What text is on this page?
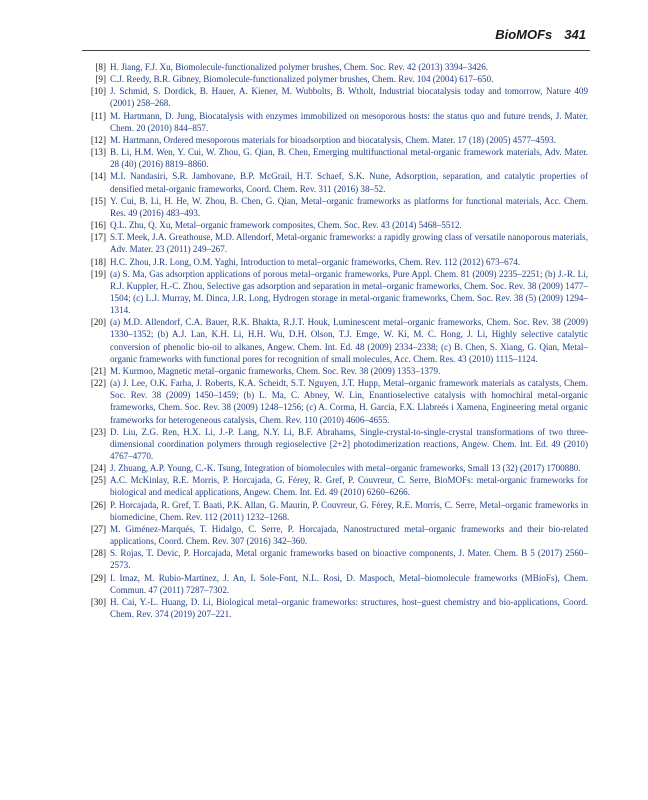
BioMOFs 341
[8] H. Jiang, F.J. Xu, Biomolecule-functionalized polymer brushes, Chem. Soc. Rev. 42 (2013) 3394–3426.
[9] C.J. Reedy, B.R. Gibney, Biomolecule-functionalized polymer brushes, Chem. Rev. 104 (2004) 617–650.
[10] J. Schmid, S. Dordick, B. Hauer, A. Kiener, M. Wubbolts, B. Wtholt, Industrial biocatalysis today and tomorrow, Nature 409 (2001) 258–268.
[11] M. Hartmann, D. Jung, Biocatalysis with enzymes immobilized on mesoporous hosts: the status quo and future trends, J. Mater. Chem. 20 (2010) 844–857.
[12] M. Hartmann, Ordered mesoporous materials for bioadsorption and biocatalysis, Chem. Mater. 17 (18) (2005) 4577–4593.
[13] B. Li, H.M. Wen, Y. Cui, W. Zhou, G. Qian, B. Chen, Emerging multifunctional metal-organic framework materials, Adv. Mater. 28 (40) (2016) 8819–8860.
[14] M.I. Nandasiri, S.R. Jambovane, B.P. McGrail, H.T. Schaef, S.K. Nune, Adsorption, separation, and catalytic properties of densified metal-organic frameworks, Coord. Chem. Rev. 311 (2016) 38–52.
[15] Y. Cui, B. Li, H. He, W. Zhou, B. Chen, G. Qian, Metal–organic frameworks as platforms for functional materials, Acc. Chem. Res. 49 (2016) 483–493.
[16] Q.L. Zhu, Q. Xu, Metal–organic framework composites, Chem. Soc. Rev. 43 (2014) 5468–5512.
[17] S.T. Meek, J.A. Greathouse, M.D. Allendorf, Metal-organic frameworks: a rapidly growing class of versatile nanoporous materials, Adv. Mater. 23 (2011) 249–267.
[18] H.C. Zhou, J.R. Long, O.M. Yaghi, Introduction to metal–organic frameworks, Chem. Rev. 112 (2012) 673–674.
[19] (a) S. Ma, Gas adsorption applications of porous metal–organic frameworks, Pure Appl. Chem. 81 (2009) 2235–2251; (b) J.-R. Li, R.J. Kuppler, H.-C. Zhou, Selective gas adsorption and separation in metal–organic frameworks, Chem. Soc. Rev. 38 (2009) 1477–1504; (c) L.J. Murray, M. Dinca, J.R. Long, Hydrogen storage in metal-organic frameworks, Chem. Soc. Rev. 38 (5) (2009) 1294–1314.
[20] (a) M.D. Allendorf, C.A. Bauer, R.K. Bhakta, R.J.T. Houk, Luminescent metal–organic frameworks, Chem. Soc. Rev. 38 (2009) 1330–1352; (b) A.J. Lan, K.H. Li, H.H. Wu, D.H. Olson, T.J. Emge, W. Ki, M. C. Hong, J. Li, Highly selective catalytic conversion of phenolic bio-oil to alkanes, Angew. Chem. Int. Ed. 48 (2009) 2334–2338; (c) B. Chen, S. Xiang, G. Qian, Metal–organic frameworks with functional pores for recognition of small molecules, Acc. Chem. Res. 43 (2010) 1115–1124.
[21] M. Kurmoo, Magnetic metal–organic frameworks, Chem. Soc. Rev. 38 (2009) 1353–1379.
[22] (a) J. Lee, O.K. Farha, J. Roberts, K.A. Scheidt, S.T. Nguyen, J.T. Hupp, Metal–organic framework materials as catalysts, Chem. Soc. Rev. 38 (2009) 1450–1459; (b) L. Ma, C. Abney, W. Lin, Enantioselective catalysis with homochiral metal-organic frameworks, Chem. Soc. Rev. 38 (2009) 1248–1256; (c) A. Corma, H. García, F.X. Llabreés i Xamena, Engineering metal organic frameworks for heterogeneous catalysis, Chem. Rev. 110 (2010) 4606–4655.
[23] D. Liu, Z.G. Ren, H.X. Li, J.-P. Lang, N.Y. Li, B.F. Abrahams, Single-crystal-to-single-crystal transformations of two three-dimensional coordination polymers through regioselective [2+2] photodimerization reactions, Angew. Chem. Int. Ed. 49 (2010) 4767–4770.
[24] J. Zhuang, A.P. Young, C.-K. Tsung, Integration of biomolecules with metal–organic frameworks, Small 13 (32) (2017) 1700880.
[25] A.C. McKinlay, R.E. Morris, P. Horcajada, G. Férey, R. Gref, P. Couvreur, C. Serre, BioMOFs: metal-organic frameworks for biological and medical applications, Angew. Chem. Int. Ed. 49 (2010) 6260–6266.
[26] P. Horcajada, R. Gref, T. Baati, P.K. Allan, G. Maurin, P. Couvreur, G. Férey, R.E. Morris, C. Serre, Metal–organic frameworks in biomedicine, Chem. Rev. 112 (2011) 1232–1268.
[27] M. Giménez-Marqués, T. Hidalgo, C. Serre, P. Horcajada, Nanostructured metal–organic frameworks and their bio-related applications, Coord. Chem. Rev. 307 (2016) 342–360.
[28] S. Rojas, T. Devic, P. Horcajada, Metal organic frameworks based on bioactive components, J. Mater. Chem. B 5 (2017) 2560–2573.
[29] I. Imaz, M. Rubio-Martínez, J. An, I. Sole-Font, N.L. Rosi, D. Maspoch, Metal–biomolecule frameworks (MBioFs), Chem. Commun. 47 (2011) 7287–7302.
[30] H. Cai, Y.-L. Huang, D. Li, Biological metal–organic frameworks: structures, host–guest chemistry and bio-applications, Coord. Chem. Rev. 374 (2019) 207–221.
